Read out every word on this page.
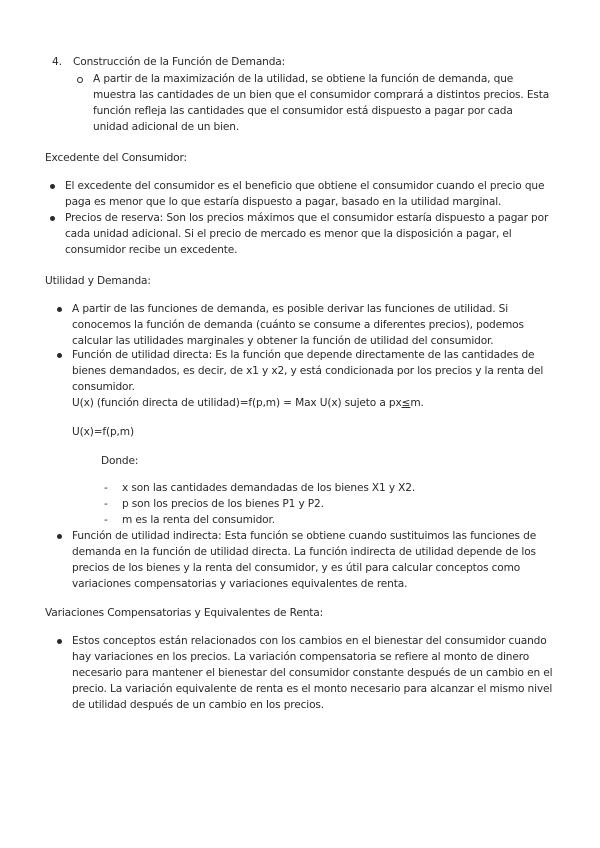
4. Construcción de la Función de Demanda:
A partir de la maximización de la utilidad, se obtiene la función de demanda, que
muestra las cantidades de un bien que el consumidor comprará a distintos precios. Esta
función refleja las cantidades que el consumidor está dispuesto a pagar por cada
unidad adicional de un bien.
Excedente del Consumidor:
El excedente del consumidor es el beneficio que obtiene el consumidor cuando el precio que
paga es menor que lo que estaría dispuesto a pagar, basado en la utilidad marginal.
Precios de reserva: Son los precios máximos que el consumidor estaría dispuesto a pagar por
cada unidad adicional. Si el precio de mercado es menor que la disposición a pagar, el
consumidor recibe un excedente.
Utilidad y Demanda:
A partir de las funciones de demanda, es posible derivar las funciones de utilidad. Si
conocemos la función de demanda (cuánto se consume a diferentes precios), podemos
calcular las utilidades marginales y obtener la función de utilidad del consumidor.
Función de utilidad directa: Es la función que depende directamente de las cantidades de
bienes demandados, es decir, de x1 y x2, y está condicionada por los precios y la renta del
consumidor.
U(x) (función directa de utilidad)=f(p,m) = Max U(x) sujeto a px≤m.
U(x)=f(p,m)
Donde:
- x son las cantidades demandadas de los bienes X1 y X2.
- p son los precios de los bienes P1 y P2.
- m es la renta del consumidor.
Función de utilidad indirecta: Esta función se obtiene cuando sustituimos las funciones de
demanda en la función de utilidad directa. La función indirecta de utilidad depende de los
precios de los bienes y la renta del consumidor, y es útil para calcular conceptos como
variaciones compensatorias y variaciones equivalentes de renta.
Variaciones Compensatorias y Equivalentes de Renta:
Estos conceptos están relacionados con los cambios en el bienestar del consumidor cuando
hay variaciones en los precios. La variación compensatoria se refiere al monto de dinero
necesario para mantener el bienestar del consumidor constante después de un cambio en el
precio. La variación equivalente de renta es el monto necesario para alcanzar el mismo nivel
de utilidad después de un cambio en los precios.
